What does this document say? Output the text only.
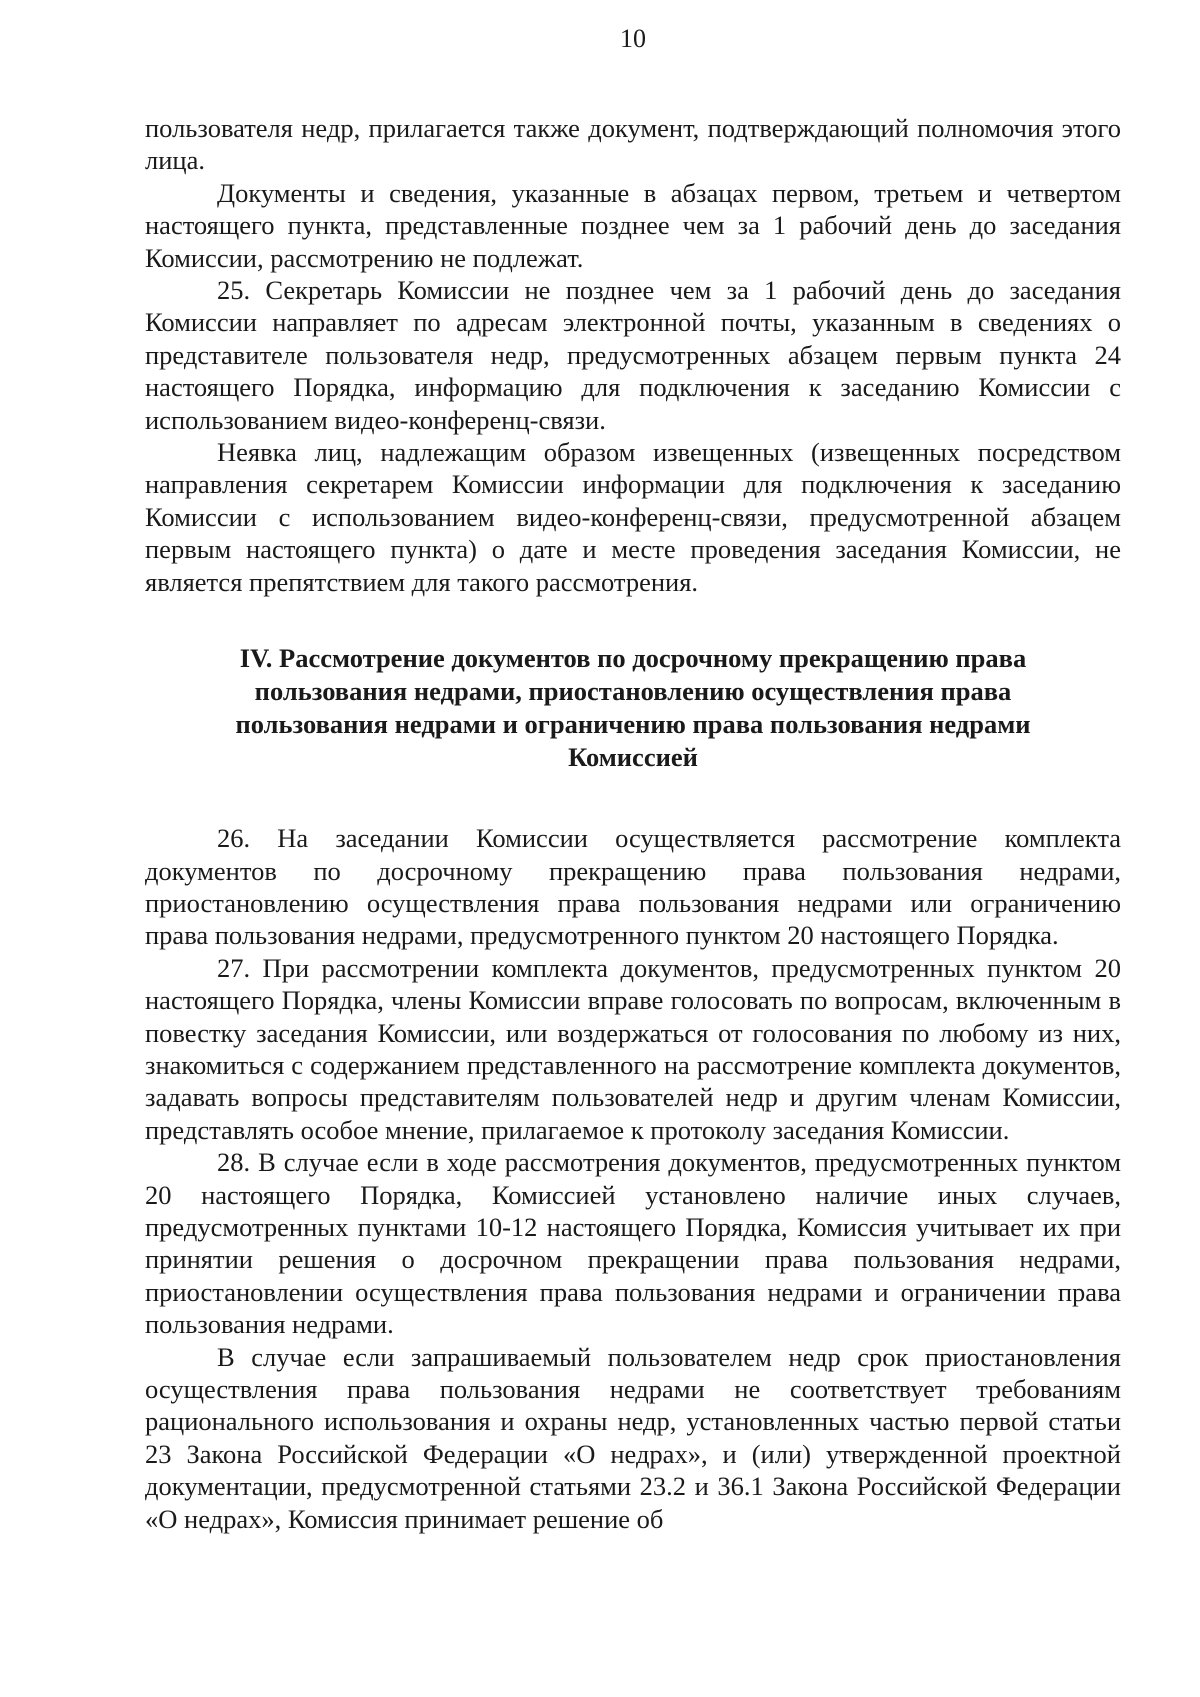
10

пользователя недр, прилагается также документ, подтверждающий полномочия этого лица.

Документы и сведения, указанные в абзацах первом, третьем и четвертом настоящего пункта, представленные позднее чем за 1 рабочий день до заседания Комиссии, рассмотрению не подлежат.

25. Секретарь Комиссии не позднее чем за 1 рабочий день до заседания Комиссии направляет по адресам электронной почты, указанным в сведениях о представителе пользователя недр, предусмотренных абзацем первым пункта 24 настоящего Порядка, информацию для подключения к заседанию Комиссии с использованием видео-конференц-связи.

Неявка лиц, надлежащим образом извещенных (извещенных посредством направления секретарем Комиссии информации для подключения к заседанию Комиссии с использованием видео-конференц-связи, предусмотренной абзацем первым настоящего пункта) о дате и месте проведения заседания Комиссии, не является препятствием для такого рассмотрения.

IV. Рассмотрение документов по досрочному прекращению права пользования недрами, приостановлению осуществления права пользования недрами и ограничению права пользования недрами Комиссией

26. На заседании Комиссии осуществляется рассмотрение комплекта документов по досрочному прекращению права пользования недрами, приостановлению осуществления права пользования недрами или ограничению права пользования недрами, предусмотренного пунктом 20 настоящего Порядка.

27. При рассмотрении комплекта документов, предусмотренных пунктом 20 настоящего Порядка, члены Комиссии вправе голосовать по вопросам, включенным в повестку заседания Комиссии, или воздержаться от голосования по любому из них, знакомиться с содержанием представленного на рассмотрение комплекта документов, задавать вопросы представителям пользователей недр и другим членам Комиссии, представлять особое мнение, прилагаемое к протоколу заседания Комиссии.

28. В случае если в ходе рассмотрения документов, предусмотренных пунктом 20 настоящего Порядка, Комиссией установлено наличие иных случаев, предусмотренных пунктами 10-12 настоящего Порядка, Комиссия учитывает их при принятии решения о досрочном прекращении права пользования недрами, приостановлении осуществления права пользования недрами и ограничении права пользования недрами.

В случае если запрашиваемый пользователем недр срок приостановления осуществления права пользования недрами не соответствует требованиям рационального использования и охраны недр, установленных частью первой статьи 23 Закона Российской Федерации «О недрах», и (или) утвержденной проектной документации, предусмотренной статьями 23.2 и 36.1 Закона Российской Федерации «О недрах», Комиссия принимает решение об
